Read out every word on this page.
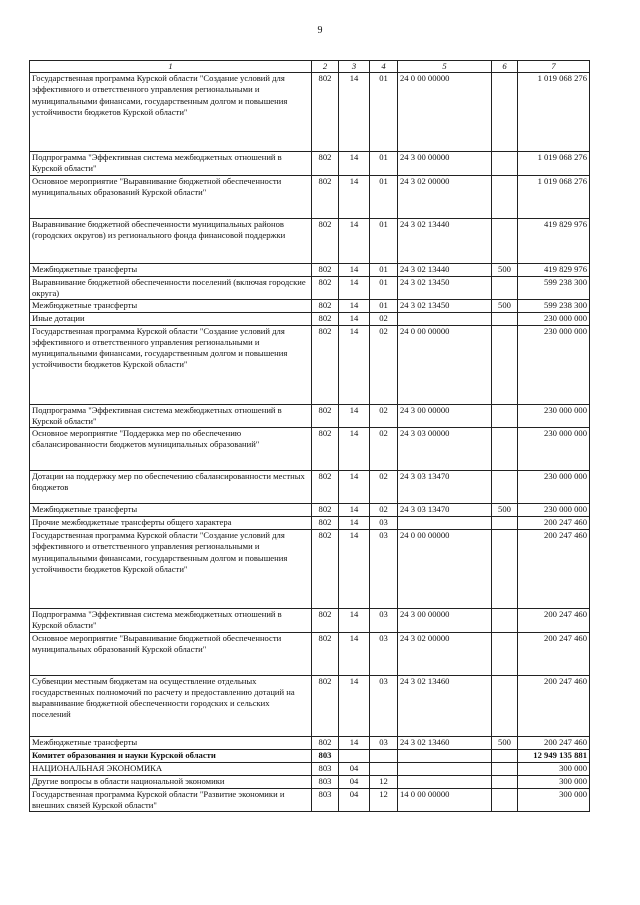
9
1	2	3	4	5	6	7
Государственная программа Курской области "Создание условий для эффективного и ответственного управления региональными и муниципальными финансами, государственным долгом и повышения устойчивости бюджетов Курской области"	802	14	01	24 0 00 00000		1 019 068 276
Подпрограмма "Эффективная система межбюджетных отношений в Курской области"	802	14	01	24 3 00 00000		1 019 068 276
Основное мероприятие "Выравнивание бюджетной обеспеченности муниципальных образований Курской области"	802	14	01	24 3 02 00000		1 019 068 276
Выравнивание бюджетной обеспеченности муниципальных районов (городских округов) из регионального фонда финансовой поддержки	802	14	01	24 3 02 13440		419 829 976
Межбюджетные трансферты	802	14	01	24 3 02 13440	500	419 829 976
Выравнивание бюджетной обеспеченности поселений (включая городские округа)	802	14	01	24 3 02 13450		599 238 300
Межбюджетные трансферты	802	14	01	24 3 02 13450	500	599 238 300
Иные дотации	802	14	02			230 000 000
Государственная программа Курской области "Создание условий для эффективного и ответственного управления региональными и муниципальными финансами, государственным долгом и повышения устойчивости бюджетов Курской области"	802	14	02	24 0 00 00000		230 000 000
Подпрограмма "Эффективная система межбюджетных отношений в Курской области"	802	14	02	24 3 00 00000		230 000 000
Основное мероприятие "Поддержка мер по обеспечению сбалансированности бюджетов муниципальных образований"	802	14	02	24 3 03 00000		230 000 000
Дотации на поддержку мер по обеспечению сбалансированности местных бюджетов	802	14	02	24 3 03 13470		230 000 000
Межбюджетные трансферты	802	14	02	24 3 03 13470	500	230 000 000
Прочие межбюджетные трансферты общего характера	802	14	03			200 247 460
Государственная программа Курской области "Создание условий для эффективного и ответственного управления региональными и муниципальными финансами, государственным долгом и повышения устойчивости бюджетов Курской области"	802	14	03	24 0 00 00000		200 247 460
Подпрограмма "Эффективная система межбюджетных отношений в Курской области"	802	14	03	24 3 00 00000		200 247 460
Основное мероприятие "Выравнивание бюджетной обеспеченности муниципальных образований Курской области"	802	14	03	24 3 02 00000		200 247 460
Субвенции местным бюджетам на осуществление отдельных государственных полномочий по расчету и предоставлению дотаций на выравнивание бюджетной обеспеченности городских и сельских поселений	802	14	03	24 3 02 13460		200 247 460
Межбюджетные трансферты	802	14	03	24 3 02 13460	500	200 247 460
Комитет образования и науки Курской области	803					12 949 135 881
НАЦИОНАЛЬНАЯ ЭКОНОМИКА	803	04				300 000
Другие вопросы в области национальной экономики	803	04	12			300 000
Государственная программа Курской области "Развитие экономики и внешних связей Курской области"	803	04	12	14 0 00 00000		300 000
